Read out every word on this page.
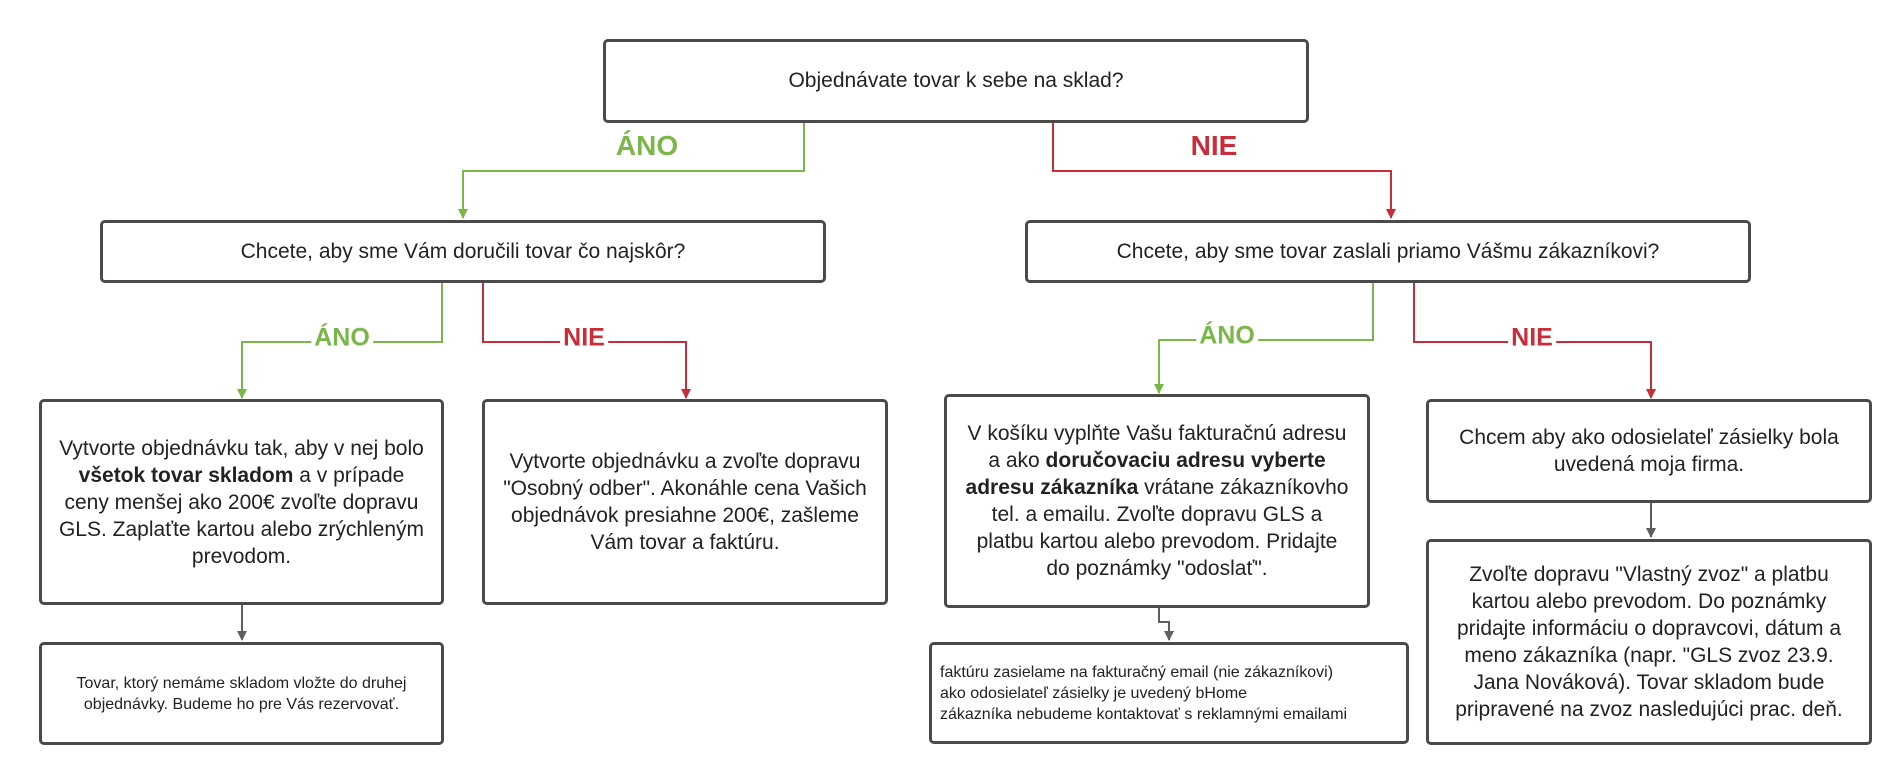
Objednávate tovar k sebe na sklad?
Chcete, aby sme Vám doručili tovar čo najskôr?	Chcete, aby sme tovar zaslali priamo Vášmu zákazníkovi?
Vytvorte objednávku tak, aby v nej bolo všetok tovar skladom a v prípade ceny menšej ako 200€ zvoľte dopravu GLS. Zaplaťte kartou alebo zrýchleným prevodom.
Tovar, ktorý nemáme skladom vložte do druhej objednávky. Budeme ho pre Vás rezervovať.
Vytvorte objednávku a zvoľte dopravu "Osobný odber". Akonáhle cena Vašich objednávok presiahne 200€, zašleme Vám tovar a faktúru.
V košíku vyplňte Vašu fakturačnú adresu a ako doručovaciu adresu vyberte adresu zákazníka vrátane zákazníkovho tel. a emailu. Zvoľte dopravu GLS a platbu kartou alebo prevodom. Pridajte do poznámky "odoslať".
faktúru zasielame na fakturačný email (nie zákazníkovi)
ako odosielateľ zásielky je uvedený bHome
zákazníka nebudeme kontaktovať s reklamnými emailami
Chcem aby ako odosielateľ zásielky bola uvedená moja firma.
Zvoľte dopravu "Vlastný zvoz" a platbu kartou alebo prevodom. Do poznámky pridajte informáciu o dopravcovi, dátum a meno zákazníka (napr. "GLS zvoz 23.9. Jana Nováková). Tovar skladom bude pripravené na zvoz nasledujúci prac. deň.
ÁNO	NIE
ÁNO	NIE	ÁNO	NIE
